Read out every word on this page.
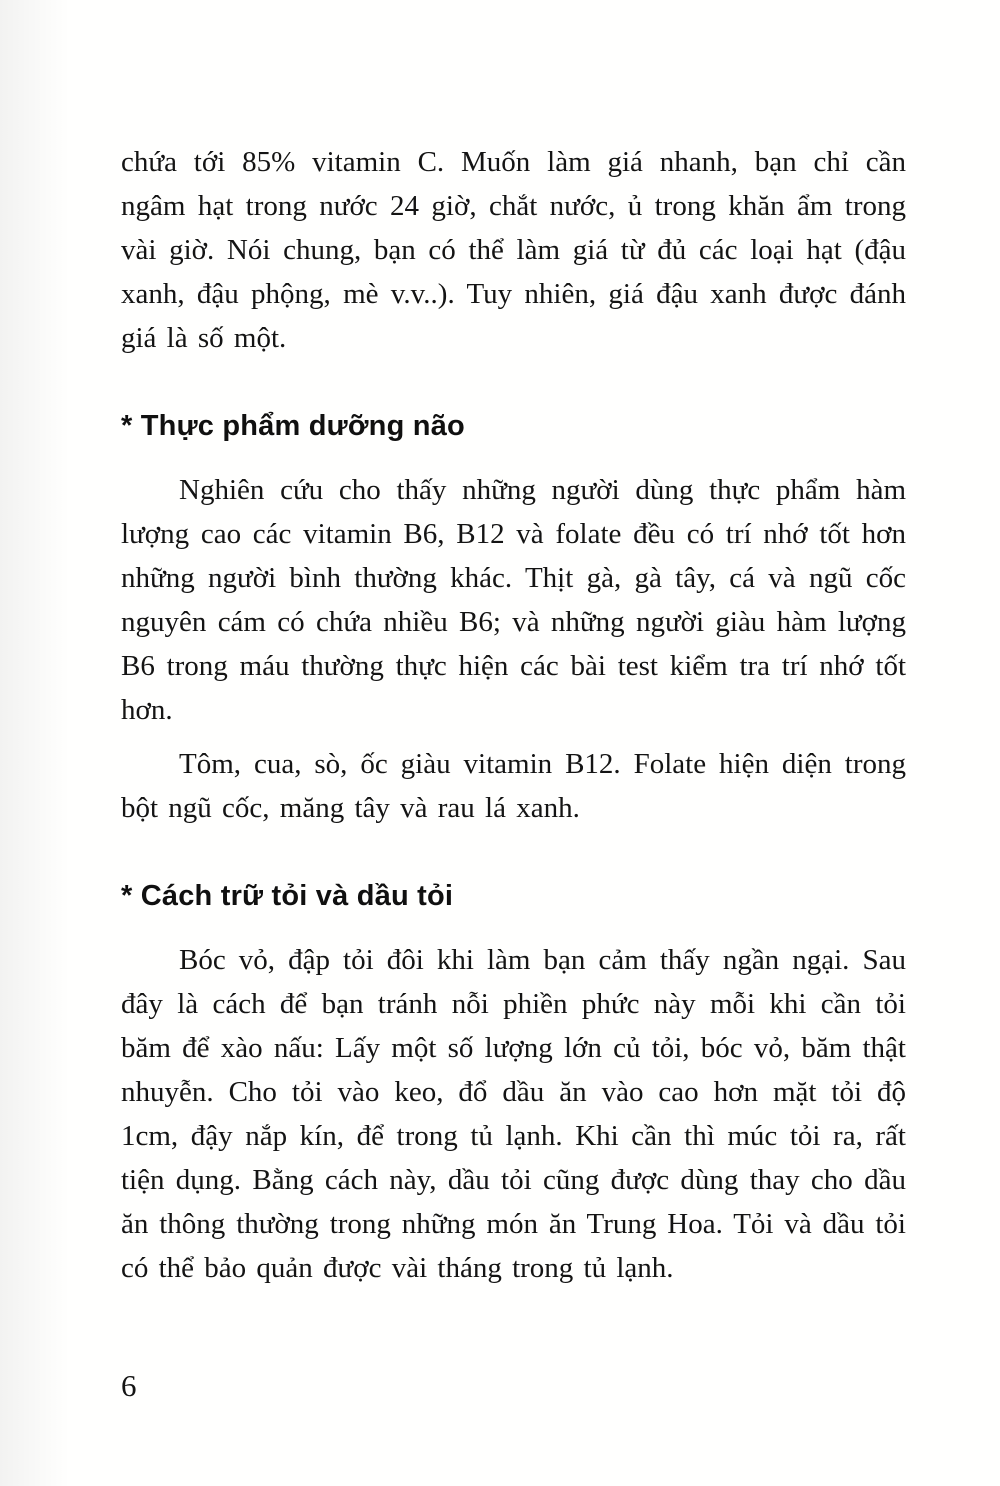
chứa tới 85% vitamin C. Muốn làm giá nhanh, bạn chỉ cần ngâm hạt trong nước 24 giờ, chắt nước, ủ trong khăn ẩm trong vài giờ. Nói chung, bạn có thể làm giá từ đủ các loại hạt (đậu xanh, đậu phộng, mè v.v..). Tuy nhiên, giá đậu xanh được đánh giá là số một.

* Thực phẩm dưỡng não

Nghiên cứu cho thấy những người dùng thực phẩm hàm lượng cao các vitamin B6, B12 và folate đều có trí nhớ tốt hơn những người bình thường khác. Thịt gà, gà tây, cá và ngũ cốc nguyên cám có chứa nhiều B6; và những người giàu hàm lượng B6 trong máu thường thực hiện các bài test kiểm tra trí nhớ tốt hơn.

Tôm, cua, sò, ốc giàu vitamin B12. Folate hiện diện trong bột ngũ cốc, măng tây và rau lá xanh.

* Cách trữ tỏi và dầu tỏi

Bóc vỏ, đập tỏi đôi khi làm bạn cảm thấy ngần ngại. Sau đây là cách để bạn tránh nỗi phiền phức này mỗi khi cần tỏi băm để xào nấu: Lấy một số lượng lớn củ tỏi, bóc vỏ, băm thật nhuyễn. Cho tỏi vào keo, đổ dầu ăn vào cao hơn mặt tỏi độ 1cm, đậy nắp kín, để trong tủ lạnh. Khi cần thì múc tỏi ra, rất tiện dụng. Bằng cách này, dầu tỏi cũng được dùng thay cho dầu ăn thông thường trong những món ăn Trung Hoa. Tỏi và dầu tỏi có thể bảo quản được vài tháng trong tủ lạnh.

6
